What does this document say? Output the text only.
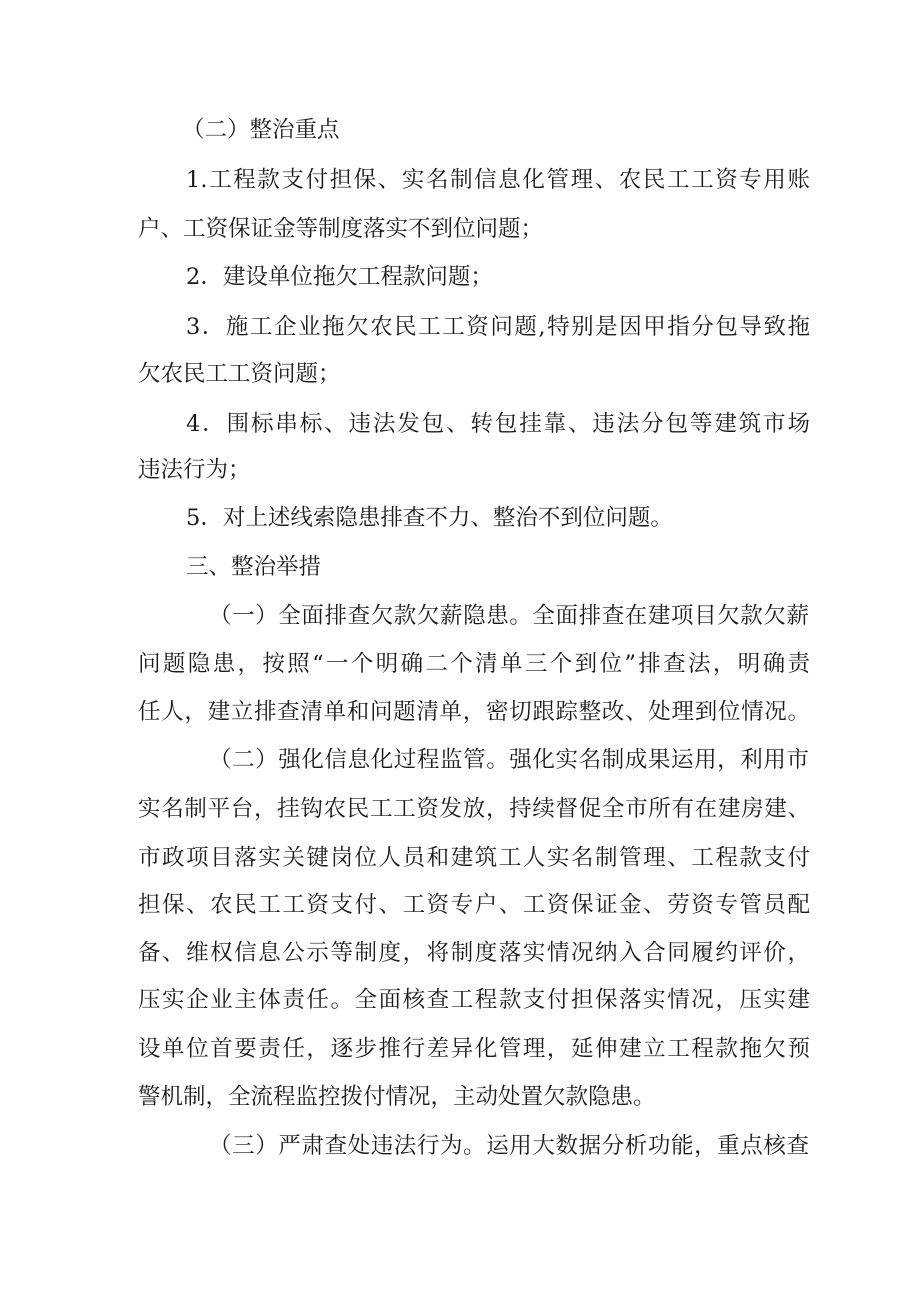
（二）整治重点
1.工程款支付担保、实名制信息化管理、农民工工资专用账
户、工资保证金等制度落实不到位问题；
2．建设单位拖欠工程款问题；
3．施工企业拖欠农民工工资问题,特别是因甲指分包导致拖
欠农民工工资问题；
4．围标串标、违法发包、转包挂靠、违法分包等建筑市场
违法行为；
5．对上述线索隐患排查不力、整治不到位问题。
三、整治举措
（一）全面排查欠款欠薪隐患。全面排查在建项目欠款欠薪
问题隐患，按照“一个明确二个清单三个到位”排查法，明确责
任人，建立排查清单和问题清单，密切跟踪整改、处理到位情况。
（二）强化信息化过程监管。强化实名制成果运用，利用市
实名制平台，挂钩农民工工资发放，持续督促全市所有在建房建、
市政项目落实关键岗位人员和建筑工人实名制管理、工程款支付
担保、农民工工资支付、工资专户、工资保证金、劳资专管员配
备、维权信息公示等制度，将制度落实情况纳入合同履约评价，
压实企业主体责任。全面核查工程款支付担保落实情况，压实建
设单位首要责任，逐步推行差异化管理，延伸建立工程款拖欠预
警机制，全流程监控拨付情况，主动处置欠款隐患。
（三）严肃查处违法行为。运用大数据分析功能，重点核查
